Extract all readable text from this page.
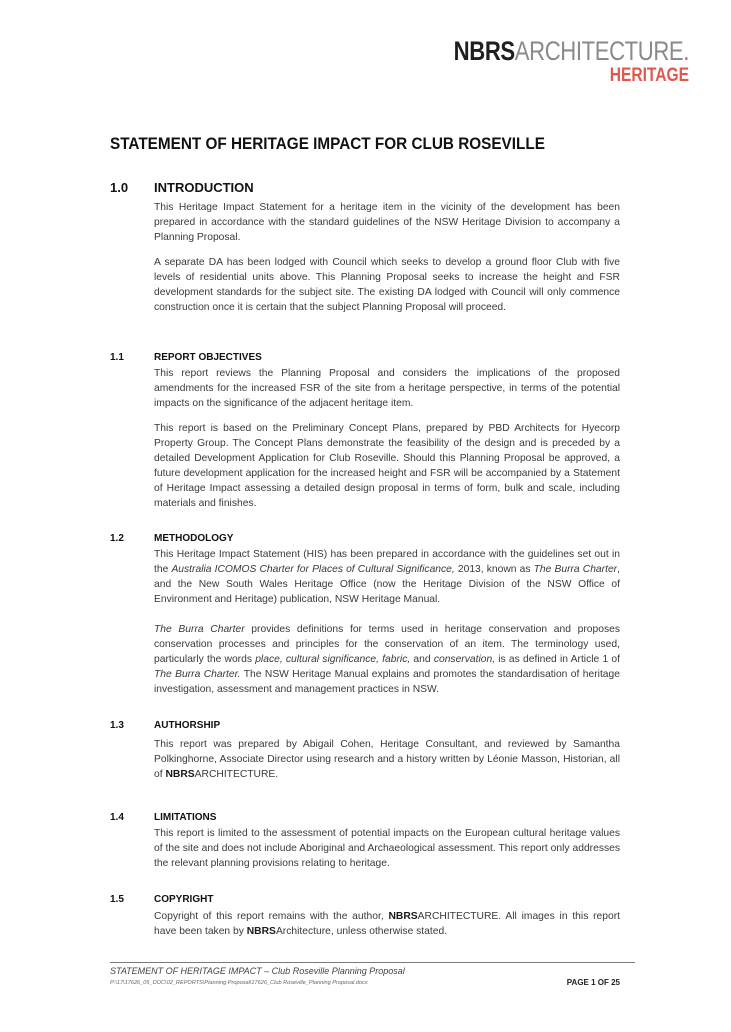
NBRSARCHITECTURE.
HERITAGE
STATEMENT OF HERITAGE IMPACT FOR CLUB ROSEVILLE
1.0 INTRODUCTION

This Heritage Impact Statement for a heritage item in the vicinity of the development has been prepared in accordance with the standard guidelines of the NSW Heritage Division to accompany a Planning Proposal.

A separate DA has been lodged with Council which seeks to develop a ground floor Club with five levels of residential units above. This Planning Proposal seeks to increase the height and FSR development standards for the subject site. The existing DA lodged with Council will only commence construction once it is certain that the subject Planning Proposal will proceed.

1.1	REPORT OBJECTIVES

This report reviews the Planning Proposal and considers the implications of the proposed amendments for the increased FSR of the site from a heritage perspective, in terms of the potential impacts on the significance of the adjacent heritage item.

This report is based on the Preliminary Concept Plans, prepared by PBD Architects for Hyecorp Property Group. The Concept Plans demonstrate the feasibility of the design and is preceded by a detailed Development Application for Club Roseville. Should this Planning Proposal be approved, a future development application for the increased height and FSR will be accompanied by a Statement of Heritage Impact assessing a detailed design proposal in terms of form, bulk and scale, including materials and finishes.

1.2	METHODOLOGY

This Heritage Impact Statement (HIS) has been prepared in accordance with the guidelines set out in the Australia ICOMOS Charter for Places of Cultural Significance, 2013, known as The Burra Charter, and the New South Wales Heritage Office (now the Heritage Division of the NSW Office of Environment and Heritage) publication, NSW Heritage Manual.

The Burra Charter provides definitions for terms used in heritage conservation and proposes conservation processes and principles for the conservation of an item. The terminology used, particularly the words place, cultural significance, fabric, and conservation, is as defined in Article 1 of The Burra Charter. The NSW Heritage Manual explains and promotes the standardisation of heritage investigation, assessment and management practices in NSW.

1.3	AUTHORSHIP

This report was prepared by Abigail Cohen, Heritage Consultant, and reviewed by Samantha Polkinghorne, Associate Director using research and a history written by Léonie Masson, Historian, all of NBRSARCHITECTURE.

1.4	LIMITATIONS

This report is limited to the assessment of potential impacts on the European cultural heritage values of the site and does not include Aboriginal and Archaeological assessment. This report only addresses the relevant planning provisions relating to heritage.

1.5	COPYRIGHT

Copyright of this report remains with the author, NBRSARCHITECTURE. All images in this report have been taken by NBRSArchitecture, unless otherwise stated.

STATEMENT OF HERITAGE IMPACT – Club Roseville Planning Proposal
P:\17\17626_05_DOC\02_REPORTS\Planning Proposal\17626_Club Roseville_Planning Proposal.docx	PAGE 1 OF 25
